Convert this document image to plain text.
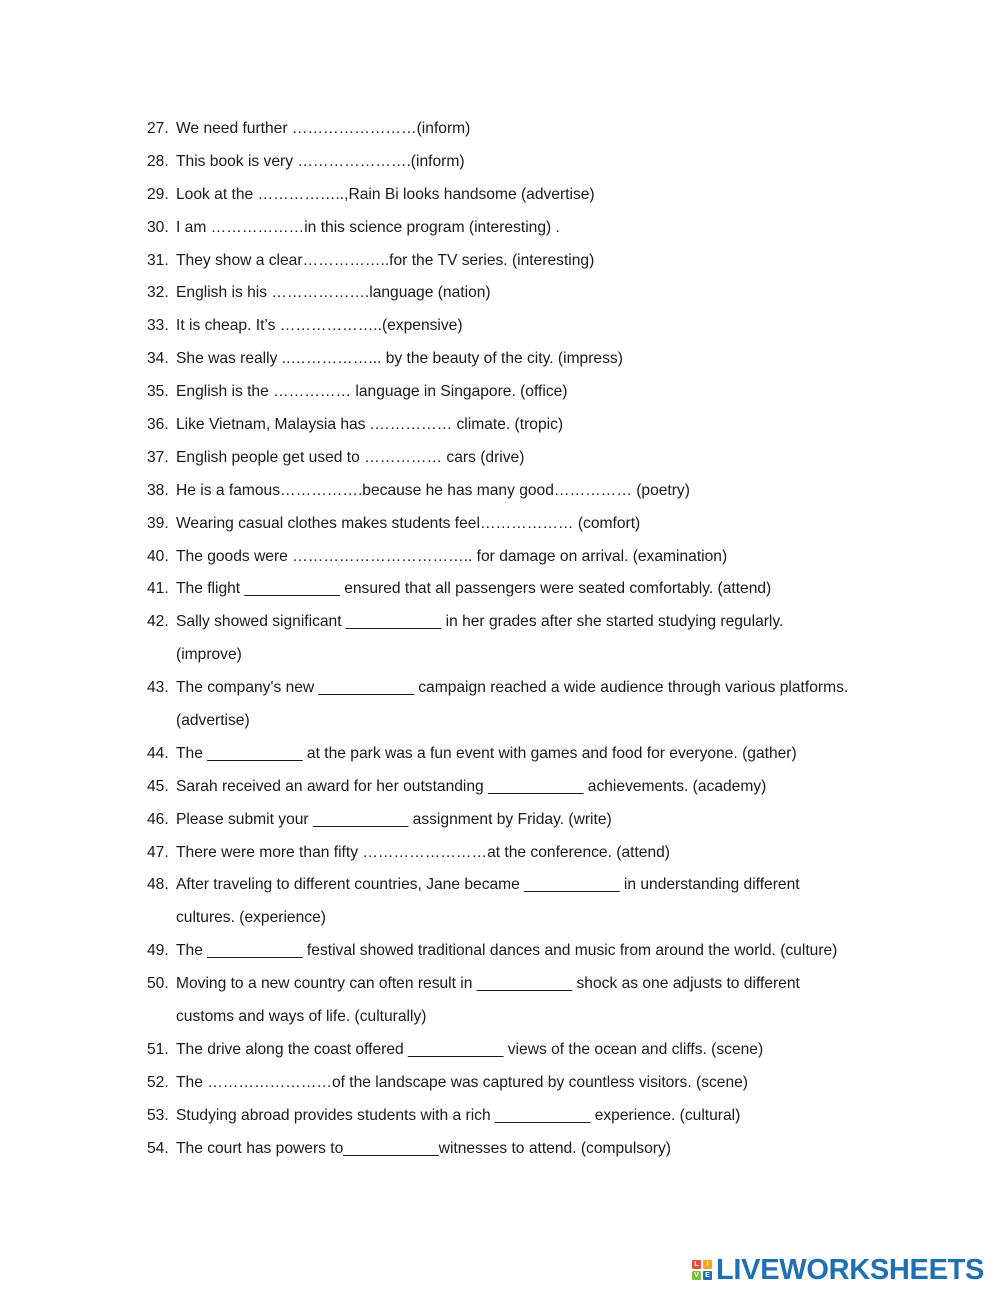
27. We need further ……………………(inform)
28. This book is very ………………….(inform)
29. Look at the ……………..,Rain Bi looks handsome (advertise)
30. I am ………………in this science program (interesting) .
31. They show a clear……………..for the TV series. (interesting)
32. English is his ……………….language (nation)
33. It is cheap. It’s ………………..(expensive)
34. She was really ..……………... by the beauty of the city. (impress)
35. English is the …………… language in Singapore. (office)
36. Like Vietnam, Malaysia has .…………… climate. (tropic)
37. English people get used to …………… cars (drive)
38. He is a famous…………….because he has many good…………… (poetry)
39. Wearing casual clothes makes students feel……………… (comfort)
40. The goods were …………………………….. for damage on arrival. (examination)
41. The flight ___________ ensured that all passengers were seated comfortably. (attend)
42. Sally showed significant ___________ in her grades after she started studying regularly.
(improve)
43. The company's new ___________ campaign reached a wide audience through various platforms.
(advertise)
44. The ___________ at the park was a fun event with games and food for everyone. (gather)
45. Sarah received an award for her outstanding ___________ achievements. (academy)
46. Please submit your ___________ assignment by Friday. (write)
47. There were more than fifty ……………………at the conference. (attend)
48. After traveling to different countries, Jane became ___________ in understanding different
cultures. (experience)
49. The ___________ festival showed traditional dances and music from around the world. (culture)
50. Moving to a new country can often result in ___________ shock as one adjusts to different
customs and ways of life. (culturally)
51. The drive along the coast offered ___________ views of the ocean and cliffs. (scene)
52. The ……………………of the landscape was captured by countless visitors. (scene)
53. Studying abroad provides students with a rich ___________ experience. (cultural)
54. The court has powers to___________witnesses to attend. (compulsory)
L	I
V E LIVEWORKSHEETS
